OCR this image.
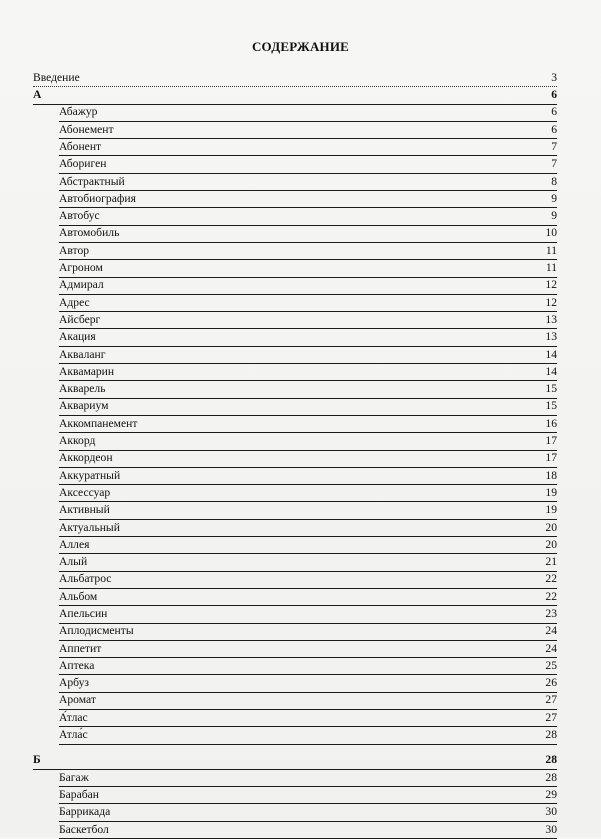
СОДЕРЖАНИЕ
Введение	3
А	6
Абажур	6
Абонемент	6
Абонент	7
Абориген	7
Абстрактный	8
Автобиография	9
Автобус	9
Автомобиль	10
Автор	11
Агроном	11
Адмирал	12
Адрес	12
Айсберг	13
Акация	13
Акваланг	14
Аквамарин	14
Акварель	15
Аквариум	15
Аккомпанемент	16
Аккорд	17
Аккордеон	17
Аккуратный	18
Аксессуар	19
Активный	19
Актуальный	20
Аллея	20
Алый	21
Альбатрос	22
Альбом	22
Апельсин	23
Аплодисменты	24
Аппетит	24
Аптека	25
Арбуз	26
Аромат	27
А́тлас	27
Атла́с	28
Б	28
Багаж	28
Барабан	29
Баррикада	30
Баскетбол	30
